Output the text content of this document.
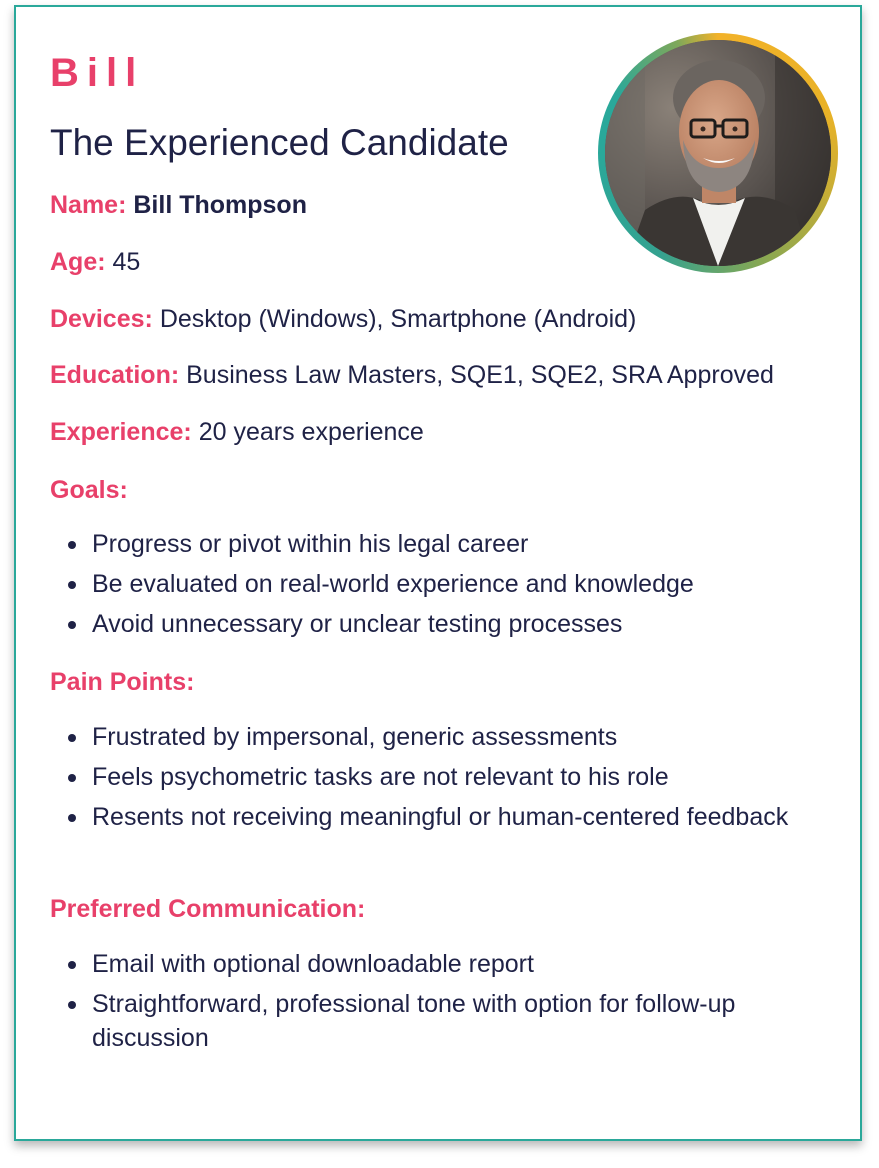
Bill
The Experienced Candidate

Name: Bill Thompson

Age: 45

Devices: Desktop (Windows), Smartphone (Android)

Education: Business Law Masters, SQE1, SQE2, SRA Approved

Experience: 20 years experience

Goals:
Progress or pivot within his legal career
Be evaluated on real-world experience and knowledge
Avoid unnecessary or unclear testing processes
Pain Points:
Frustrated by impersonal, generic assessments
Feels psychometric tasks are not relevant to his role
Resents not receiving meaningful or human-centered feedback
Preferred Communication:
Email with optional downloadable report
Straightforward, professional tone with option for follow-up discussion
